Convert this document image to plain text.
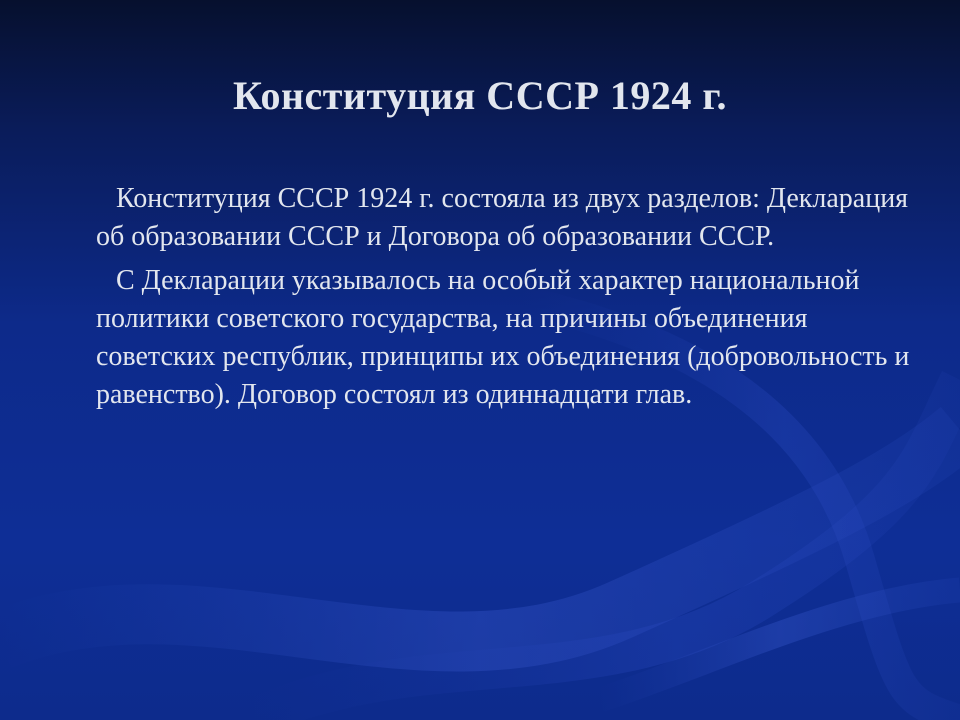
Конституция СССР 1924 г.

Конституция СССР 1924 г. состояла из двух разделов: Декларация об образовании СССР и Договора об образовании СССР.

С Декларации указывалось на особый характер национальной политики советского государства, на причины объединения советских республик, принципы их объединения (добровольность и равенство). Договор состоял из одиннадцати глав.
